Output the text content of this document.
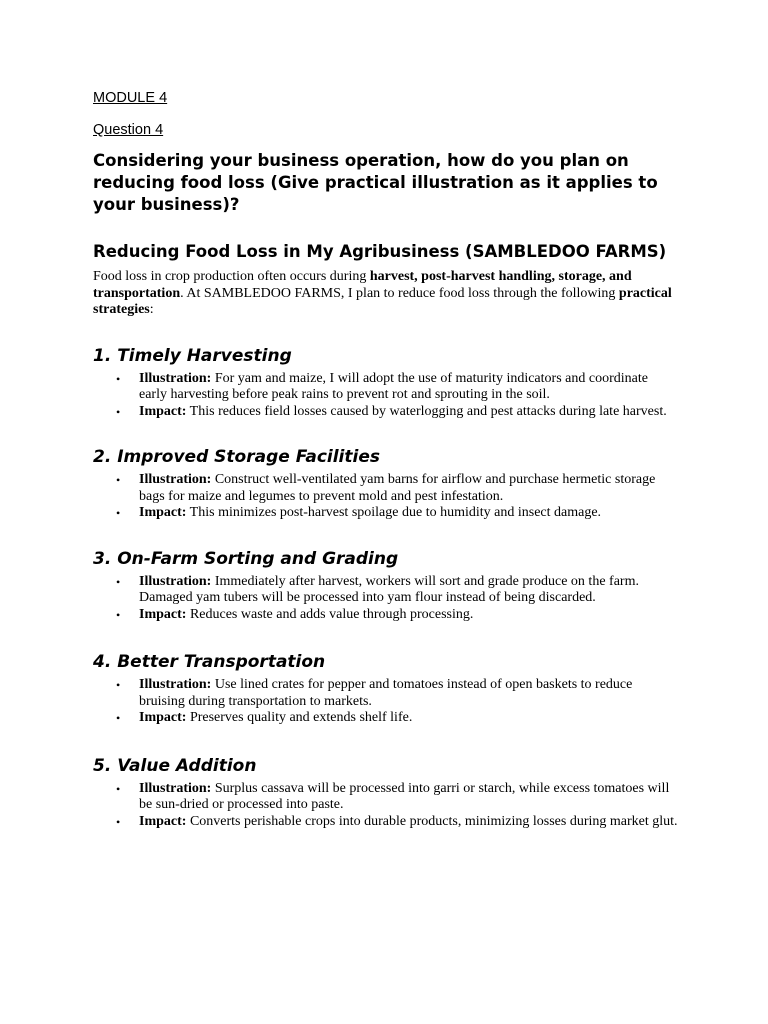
MODULE 4

Question 4

Considering your business operation, how do you plan on reducing food loss (Give practical illustration as it applies to your business)?

Reducing Food Loss in My Agribusiness (SAMBLEDOO FARMS)

Food loss in crop production often occurs during harvest, post-harvest handling, storage, and transportation. At SAMBLEDOO FARMS, I plan to reduce food loss through the following practical strategies:

1. Timely Harvesting
• Illustration: For yam and maize, I will adopt the use of maturity indicators and coordinate early harvesting before peak rains to prevent rot and sprouting in the soil.
• Impact: This reduces field losses caused by waterlogging and pest attacks during late harvest.
2. Improved Storage Facilities
• Illustration: Construct well-ventilated yam barns for airflow and purchase hermetic storage bags for maize and legumes to prevent mold and pest infestation.
• Impact: This minimizes post-harvest spoilage due to humidity and insect damage.
3. On-Farm Sorting and Grading
• Illustration: Immediately after harvest, workers will sort and grade produce on the farm. Damaged yam tubers will be processed into yam flour instead of being discarded.
• Impact: Reduces waste and adds value through processing.
4. Better Transportation
• Illustration: Use lined crates for pepper and tomatoes instead of open baskets to reduce bruising during transportation to markets.
• Impact: Preserves quality and extends shelf life.
5. Value Addition
• Illustration: Surplus cassava will be processed into garri or starch, while excess tomatoes will be sun-dried or processed into paste.
• Impact: Converts perishable crops into durable products, minimizing losses during market glut.
